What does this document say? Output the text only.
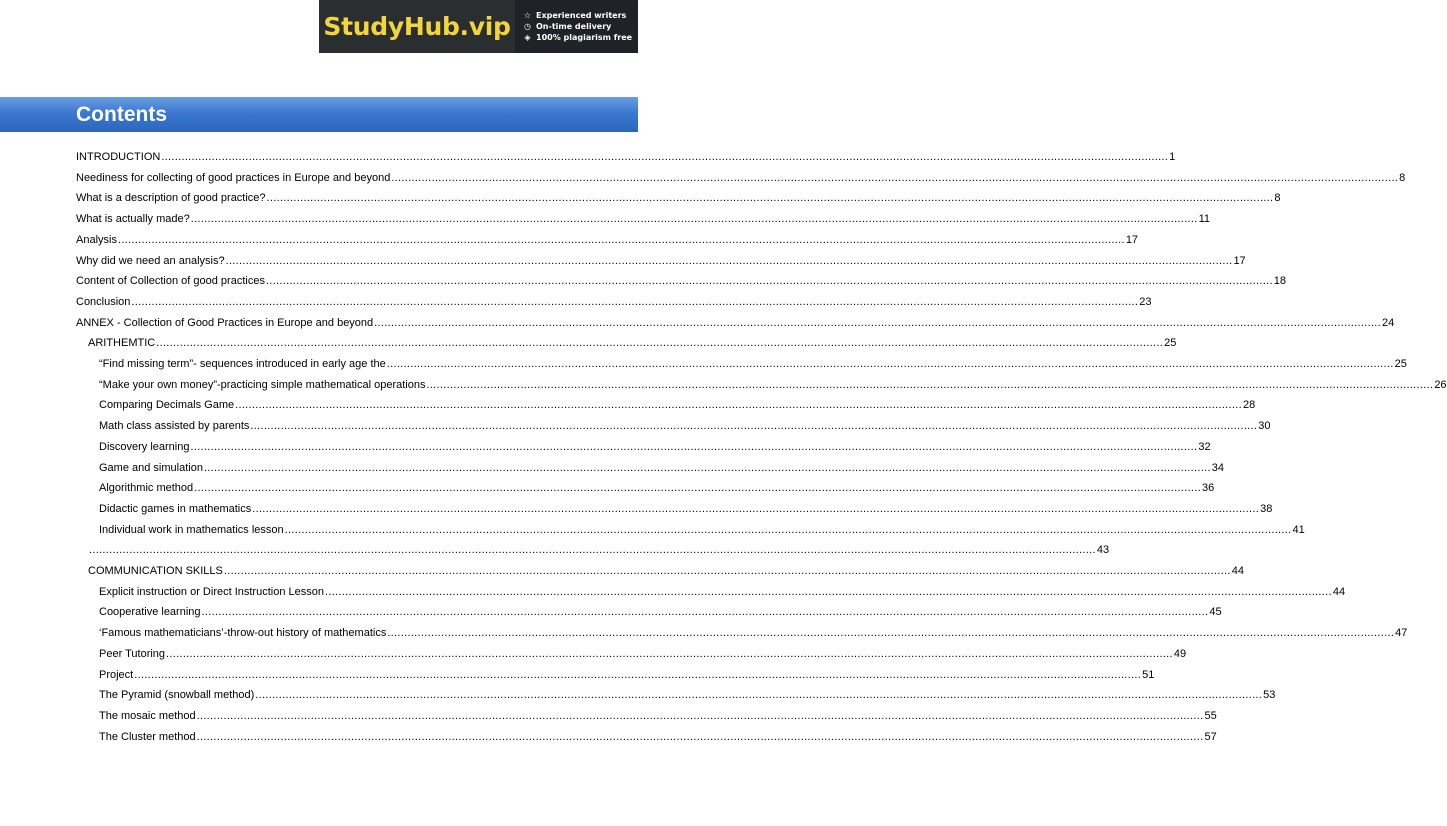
StudyHub.vip ☆ Experienced writers
◷ On-time delivery
◈ 100% plagiarism free
Contents
INTRODUCTION ............................................................................................................................................................................................................................................................................................................ 1
Neediness for collecting of good practices in Europe and beyond ............................................................................................................................................................................................................................................................................................................ 8
What is a description of good practice? ............................................................................................................................................................................................................................................................................................................ 8
What is actually made? ............................................................................................................................................................................................................................................................................................................ 11
Analysis ............................................................................................................................................................................................................................................................................................................ 17
Why did we need an analysis? ............................................................................................................................................................................................................................................................................................................ 17
Content of Collection of good practices ............................................................................................................................................................................................................................................................................................................ 18
Conclusion ............................................................................................................................................................................................................................................................................................................ 23
ANNEX - Collection of Good Practices in Europe and beyond ............................................................................................................................................................................................................................................................................................................ 24
ARITHEMTIC ............................................................................................................................................................................................................................................................................................................ 25
“Find missing term”- sequences introduced in early age the ............................................................................................................................................................................................................................................................................................................ 25
“Make your own money”-practicing simple mathematical operations ............................................................................................................................................................................................................................................................................................................ 26
Comparing Decimals Game ............................................................................................................................................................................................................................................................................................................ 28
Math class assisted by parents ............................................................................................................................................................................................................................................................................................................ 30
Discovery learning ............................................................................................................................................................................................................................................................................................................ 32
Game and simulation ............................................................................................................................................................................................................................................................................................................ 34
Algorithmic method ............................................................................................................................................................................................................................................................................................................ 36
Didactic games in mathematics ............................................................................................................................................................................................................................................................................................................ 38
Individual work in mathematics lesson ............................................................................................................................................................................................................................................................................................................ 41
............................................................................................................................................................................................................................................................................................................ 43
COMMUNICATION SKILLS ............................................................................................................................................................................................................................................................................................................ 44
Explicit instruction or Direct Instruction Lesson ............................................................................................................................................................................................................................................................................................................ 44
Cooperative learning ............................................................................................................................................................................................................................................................................................................ 45
‘Famous mathematicians’-throw-out history of mathematics ............................................................................................................................................................................................................................................................................................................ 47
Peer Tutoring ............................................................................................................................................................................................................................................................................................................ 49
Project ............................................................................................................................................................................................................................................................................................................ 51
The Pyramid (snowball method) ............................................................................................................................................................................................................................................................................................................ 53
The mosaic method ............................................................................................................................................................................................................................................................................................................ 55
The Cluster method ............................................................................................................................................................................................................................................................................................................ 57
